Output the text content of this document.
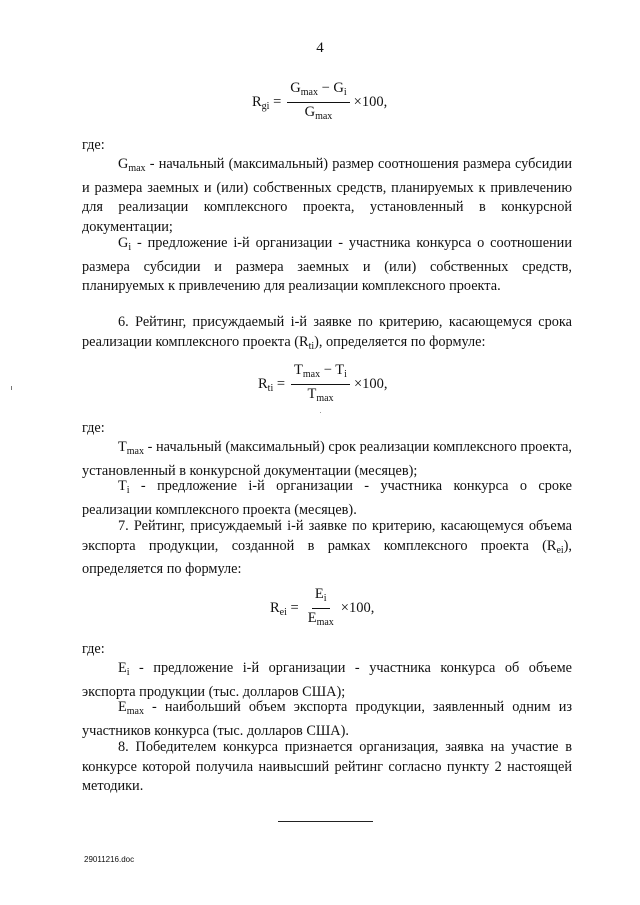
4
$R_{gi} = \frac{G_{max} - G_i}{G_{max}} \times 100$,
где:
$G_{max}$ - начальный (максимальный) размер соотношения размера субсидии и размера заемных и (или) собственных средств, планируемых к привлечению для реализации комплексного проекта, установленный в конкурсной документации;
$G_i$ - предложение i-й организации - участника конкурса о соотношении размера субсидии и размера заемных и (или) собственных средств, планируемых к привлечению для реализации комплексного проекта.
6. Рейтинг, присуждаемый i-й заявке по критерию, касающемуся срока реализации комплексного проекта $(R_{ti})$, определяется по формуле:
$R_{ti} = \frac{T_{max} - T_i}{T_{max}} \times 100$,
где:
$T_{max}$ - начальный (максимальный) срок реализации комплексного проекта, установленный в конкурсной документации (месяцев);
$T_i$ - предложение i-й организации - участника конкурса о сроке реализации комплексного проекта (месяцев).
7. Рейтинг, присуждаемый i-й заявке по критерию, касающемуся объема экспорта продукции, созданной в рамках комплексного проекта $(R_{ei})$, определяется по формуле:
$R_{ei} = \frac{E_i}{E_{max}} \times 100$,
где:
$E_i$ - предложение i-й организации - участника конкурса об объеме экспорта продукции (тыс. долларов США);
$E_{max}$ - наибольший объем экспорта продукции, заявленный одним из участников конкурса (тыс. долларов США).
8. Победителем конкурса признается организация, заявка на участие в конкурсе которой получила наивысший рейтинг согласно пункту 2 настоящей методики.
29011216.doc
